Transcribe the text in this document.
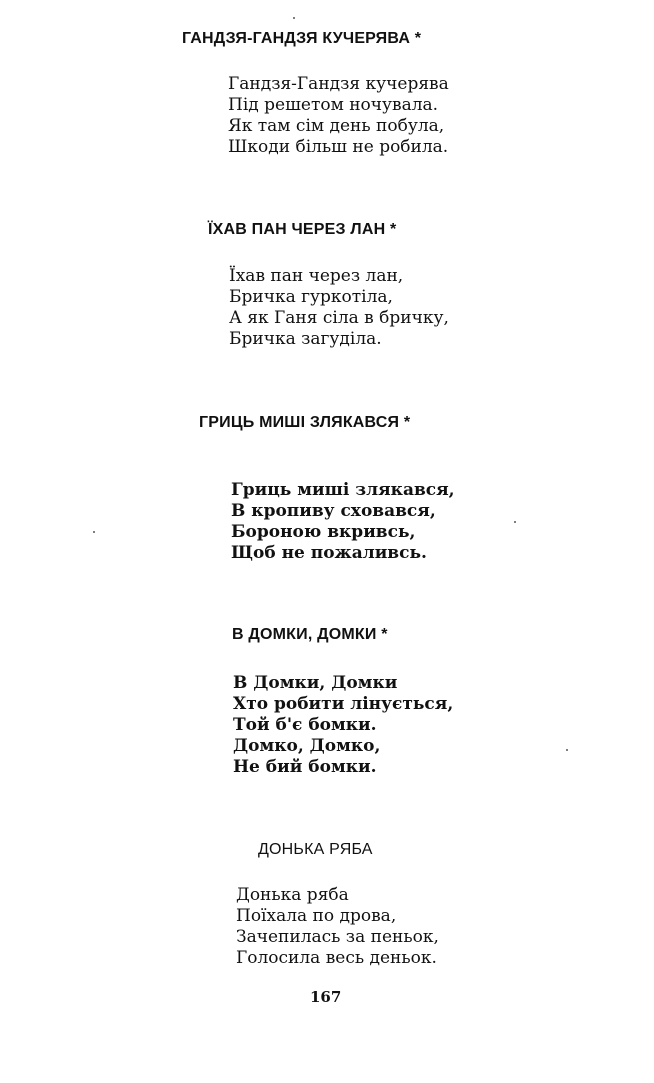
ГАНДЗЯ-ГАНДЗЯ КУЧЕРЯВА *
Гандзя-Гандзя кучерява
Під решетом ночувала.
Як там сім день побула,
Шкоди більш не робила.
ЇХАВ ПАН ЧЕРЕЗ ЛАН *
Їхав пан через лан,
Бричка гуркотіла,
А як Ганя сіла в бричку,
Бричка загуділа.
ГРИЦЬ МИШІ ЗЛЯКАВСЯ *
Гриць миші злякався,
В кропиву сховався,
Бороною вкривсь,
Щоб не пожаливсь.
В ДОМКИ, ДОМКИ *
В Домки, Домки
Хто робити лінується,
Той б'є бомки.
Домко, Домко,
Не бий бомки.
ДОНЬКА РЯБА
Донька ряба
Поїхала по дрова,
Зачепилась за пеньок,
Голосила весь деньок.
167
